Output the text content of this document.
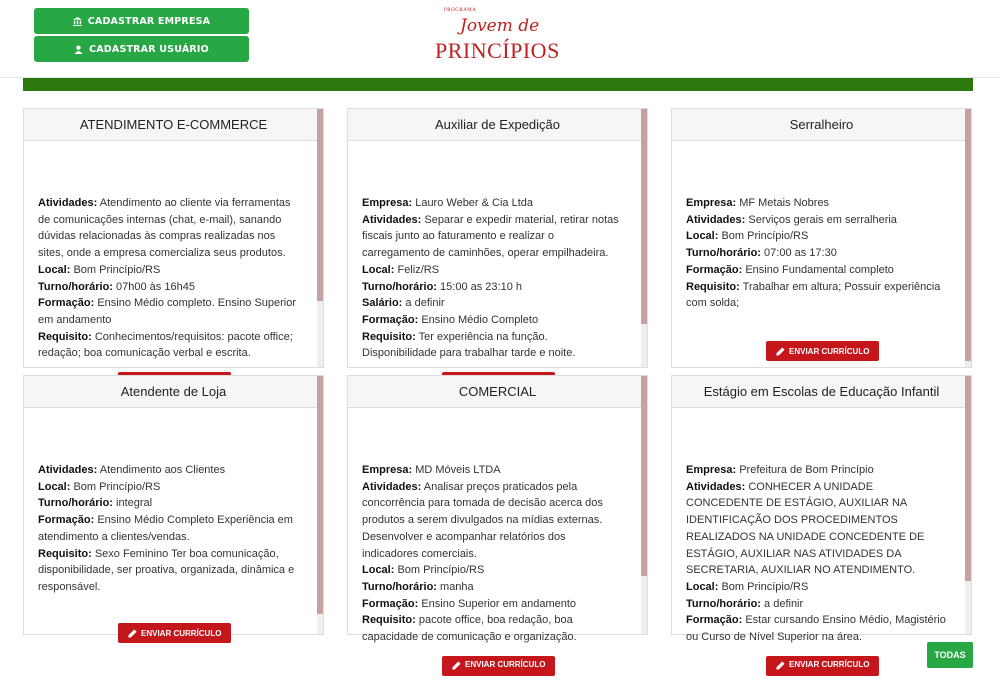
CADASTRAR EMPRESA
CADASTRAR USUÁRIO
PROGRAMA
Jovem de
PRINCÍPIOS
ATENDIMENTO E-COMMERCE
Atividades: Atendimento ao cliente via ferramentas de comunicações internas (chat, e-mail), sanando dúvidas relacionadas às compras realizadas nos sites, onde a empresa comercializa seus produtos.
Local: Bom Princípio/RS
Turno/horário: 07h00 às 16h45
Formação: Ensino Médio completo. Ensino Superior em andamento
Requisito: Conhecimentos/requisitos: pacote office; redação; boa comunicação verbal e escrita.
Auxiliar de Expedição
Empresa: Lauro Weber & Cia Ltda
Atividades: Separar e expedir material, retirar notas fiscais junto ao faturamento e realizar o carregamento de caminhões, operar empilhadeira.
Local: Feliz/RS
Turno/horário: 15:00 as 23:10 h
Salário: a definir
Formação: Ensino Médio Completo
Requisito: Ter experiência na função. Disponibilidade para trabalhar tarde e noite.
Serralheiro
Empresa: MF Metais Nobres
Atividades: Serviços gerais em serralheria
Local: Bom Princípio/RS
Turno/horário: 07:00 as 17:30
Formação: Ensino Fundamental completo
Requisito: Trabalhar em altura; Possuir experiência com solda;
ENVIAR CURRÍCULO
Atendente de Loja
Atividades: Atendimento aos Clientes
Local: Bom Princípio/RS
Turno/horário: integral
Formação: Ensino Médio Completo Experiência em atendimento a clientes/vendas.
Requisito: Sexo Feminino Ter boa comunicação, disponibilidade, ser proativa, organizada, dinâmica e responsável.
ENVIAR CURRÍCULO
COMERCIAL
Empresa: MD Móveis LTDA
Atividades: Analisar preços praticados pela concorrência para tomada de decisão acerca dos produtos a serem divulgados na mídias externas. Desenvolver e acompanhar relatórios dos indicadores comerciais.
Local: Bom Princípio/RS
Turno/horário: manha
Formação: Ensino Superior em andamento
Requisito: pacote office, boa redação, boa capacidade de comunicação e organização.
ENVIAR CURRÍCULO
Estágio em Escolas de Educação Infantil
Empresa: Prefeitura de Bom Princípio
Atividades: CONHECER A UNIDADE CONCEDENTE DE ESTÁGIO, AUXILIAR NA IDENTIFICAÇÃO DOS PROCEDIMENTOS REALIZADOS NA UNIDADE CONCEDENTE DE ESTÁGIO, AUXILIAR NAS ATIVIDADES DA SECRETARIA, AUXILIAR NO ATENDIMENTO.
Local: Bom Princípio/RS
Turno/horário: a definir
Formação: Estar cursando Ensino Médio, Magistério ou Curso de Nível Superior na área.
ENVIAR CURRÍCULO
TODAS
